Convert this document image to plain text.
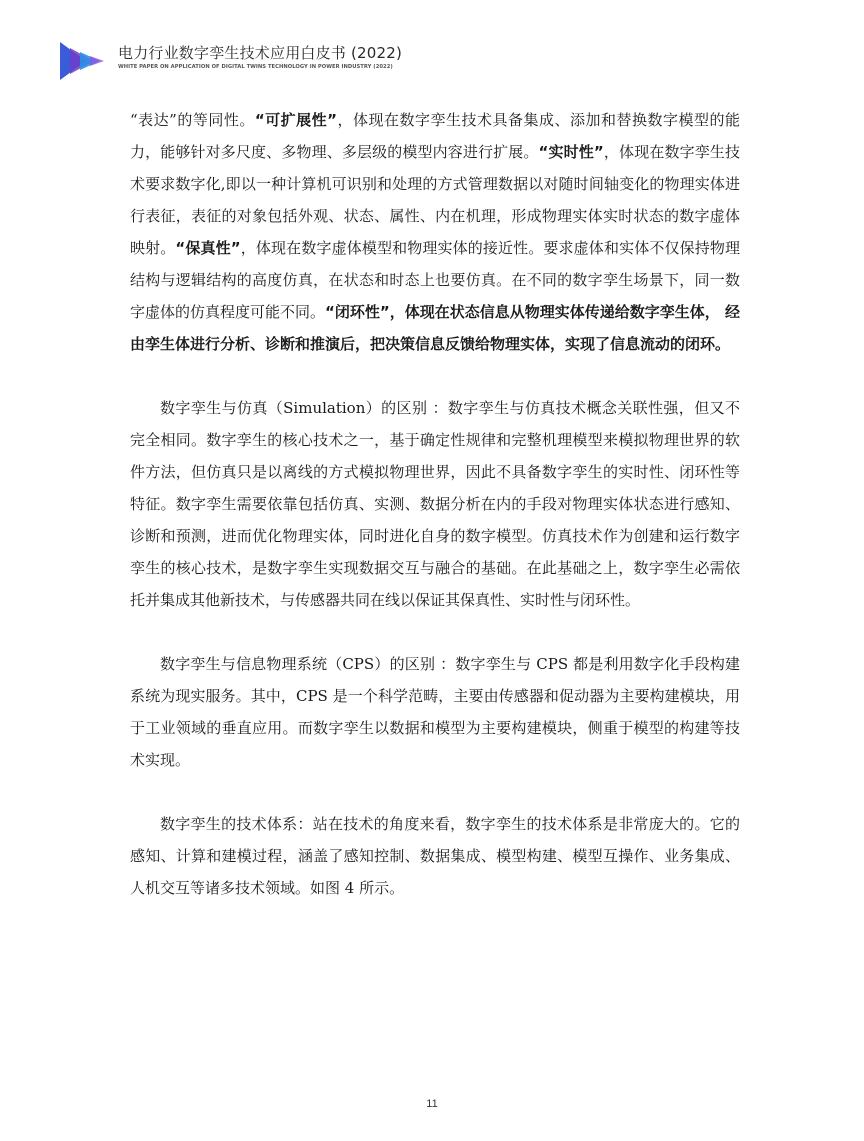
电力行业数字孪生技术应用白皮书 (2022)
WHITE PAPER ON APPLICATION OF DIGITAL TWINS TECHNOLOGY IN POWER INDUSTRY (2022)

“表达”的等同性。“可扩展性”，体现在数字孪生技术具备集成、添加和替换数字模型的能力，能够针对多尺度、多物理、多层级的模型内容进行扩展。“实时性”，体现在数字孪生技术要求数字化,即以一种计算机可识别和处理的方式管理数据以对随时间轴变化的物理实体进行表征，表征的对象包括外观、状态、属性、内在机理，形成物理实体实时状态的数字虚体映射。“保真性”，体现在数字虚体模型和物理实体的接近性。要求虚体和实体不仅保持物理结构与逻辑结构的高度仿真，在状态和时态上也要仿真。在不同的数字孪生场景下，同一数字虚体的仿真程度可能不同。“闭环性”，体现在状态信息从物理实体传递给数字孪生体， 经由孪生体进行分析、诊断和推演后，把决策信息反馈给物理实体，实现了信息流动的闭环。

数字孪生与仿真（Simulation）的区别 ：数字孪生与仿真技术概念关联性强，但又不完全相同。数字孪生的核心技术之一，基于确定性规律和完整机理模型来模拟物理世界的软件方法，但仿真只是以离线的方式模拟物理世界，因此不具备数字孪生的实时性、闭环性等特征。数字孪生需要依靠包括仿真、实测、数据分析在内的手段对物理实体状态进行感知、诊断和预测，进而优化物理实体，同时进化自身的数字模型。仿真技术作为创建和运行数字孪生的核心技术，是数字孪生实现数据交互与融合的基础。在此基础之上，数字孪生必需依托并集成其他新技术，与传感器共同在线以保证其保真性、实时性与闭环性。

数字孪生与信息物理系统（CPS）的区别 ：数字孪生与 CPS 都是利用数字化手段构建系统为现实服务。其中，CPS 是一个科学范畴，主要由传感器和促动器为主要构建模块，用于工业领域的垂直应用。而数字孪生以数据和模型为主要构建模块，侧重于模型的构建等技术实现。

数字孪生的技术体系：站在技术的角度来看，数字孪生的技术体系是非常庞大的。它的感知、计算和建模过程，涵盖了感知控制、数据集成、模型构建、模型互操作、业务集成、人机交互等诸多技术领域。如图 4 所示。

11
